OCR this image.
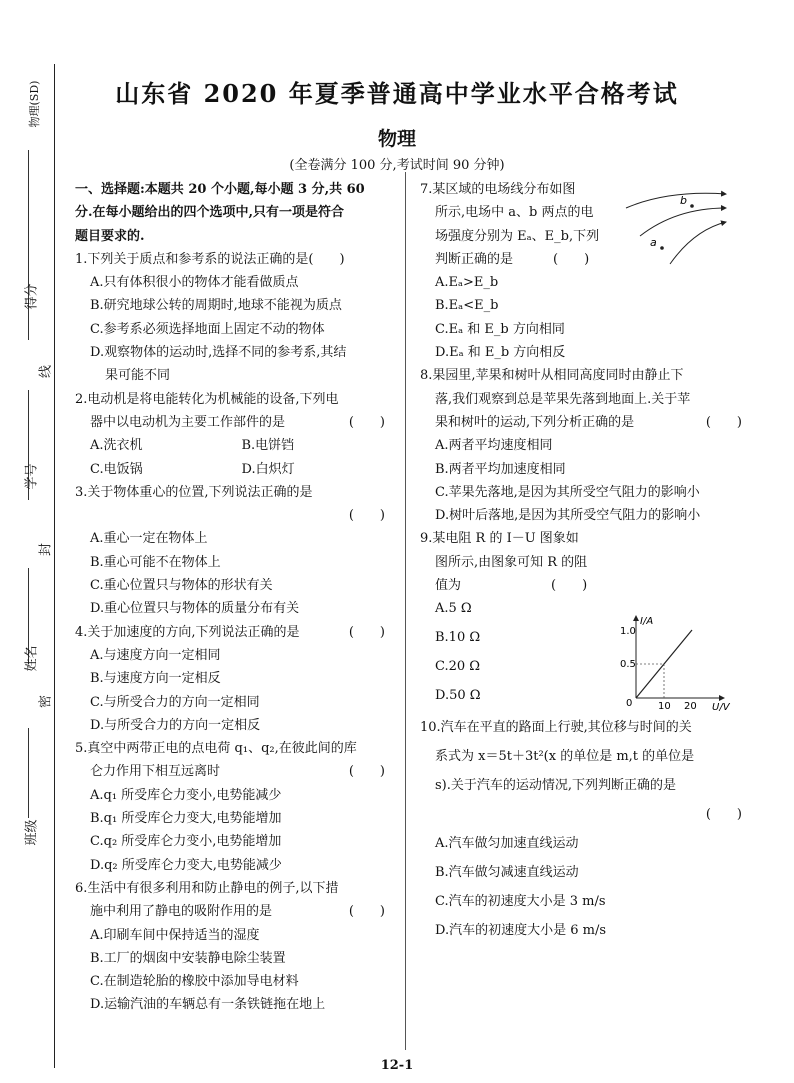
物理(SD)
得分
线
学号
封
姓名
密
班级
山东省 2020 年夏季普通高中学业水平合格考试
物理
(全卷满分 100 分,考试时间 90 分钟)
一、选择题:本题共 20 个小题,每小题 3 分,共 60
分.在每小题给出的四个选项中,只有一项是符合
题目要求的.
1.下列关于质点和参考系的说法正确的是(　　)
A.只有体积很小的物体才能看做质点
B.研究地球公转的周期时,地球不能视为质点
C.参考系必须选择地面上固定不动的物体
D.观察物体的运动时,选择不同的参考系,其结
果可能不同
2.电动机是将电能转化为机械能的设备,下列电
器中以电动机为主要工作部件的是	(　　)
A.洗衣机	B.电饼铛
C.电饭锅	D.白炽灯
3.关于物体重心的位置,下列说法正确的是
(　　)
A.重心一定在物体上
B.重心可能不在物体上
C.重心位置只与物体的形状有关
D.重心位置只与物体的质量分布有关
4.关于加速度的方向,下列说法正确的是	(　　)
A.与速度方向一定相同
B.与速度方向一定相反
C.与所受合力的方向一定相同
D.与所受合力的方向一定相反
5.真空中两带正电的点电荷 q₁、q₂,在彼此间的库
仑力作用下相互远离时	(　　)
A.q₁ 所受库仑力变小,电势能减少
B.q₁ 所受库仑力变大,电势能增加
C.q₂ 所受库仑力变小,电势能增加
D.q₂ 所受库仑力变大,电势能减少
6.生活中有很多利用和防止静电的例子,以下措
施中利用了静电的吸附作用的是	(　　)
A.印刷车间中保持适当的湿度
B.工厂的烟囱中安装静电除尘装置
C.在制造轮胎的橡胶中添加导电材料
D.运输汽油的车辆总有一条铁链拖在地上
7.某区域的电场线分布如图
所示,电场中 a、b 两点的电
场强度分别为 Eₐ、E_b,下列
判断正确的是	(　　)
A.Eₐ>E_b
B.Eₐ<E_b
C.Eₐ 和 E_b 方向相同
D.Eₐ 和 E_b 方向相反
8.果园里,苹果和树叶从相同高度同时由静止下
落,我们观察到总是苹果先落到地面上.关于苹
果和树叶的运动,下列分析正确的是	(　　)
A.两者平均速度相同
B.两者平均加速度相同
C.苹果先落地,是因为其所受空气阻力的影响小
D.树叶后落地,是因为其所受空气阻力的影响小
9.某电阻 R 的 I－U 图象如
图所示,由图象可知 R 的阻
值为	(　　)
A.5 Ω
B.10 Ω
C.20 Ω
D.50 Ω
10.汽车在平直的路面上行驶,其位移与时间的关
系式为 x＝5t＋3t²(x 的单位是 m,t 的单位是
s).关于汽车的运动情况,下列判断正确的是
(　　)
A.汽车做匀加速直线运动
B.汽车做匀减速直线运动
C.汽车的初速度大小是 3 m/s
D.汽车的初速度大小是 6 m/s
b
a
I/A
U/V
1.0
0.5
10 20
0
12-1
